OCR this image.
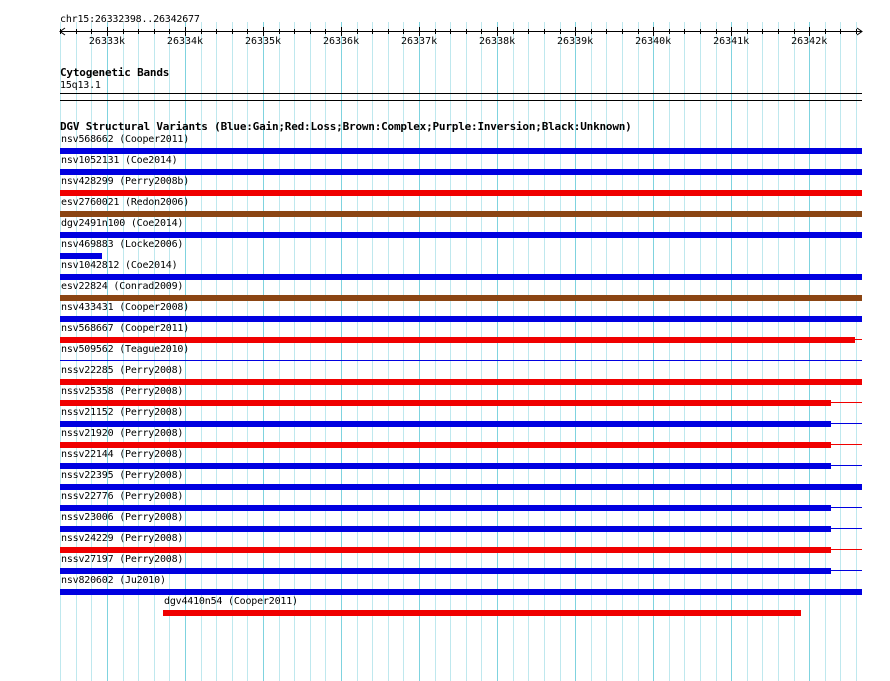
chr15:26332398..26342677
26333k	26334k	26335k	26336k	26337k	26338k	26339k	26340k	26341k	26342k
Cytogenetic Bands
15q13.1
DGV Structural Variants (Blue:Gain;Red:Loss;Brown:Complex;Purple:Inversion;Black:Unknown)
nsv568662 (Cooper2011)
nsv1052131 (Coe2014)
nsv428299 (Perry2008b)
esv2760021 (Redon2006)
dgv2491n100 (Coe2014)
nsv469883 (Locke2006)
nsv1042812 (Coe2014)
esv22824 (Conrad2009)
nsv433431 (Cooper2008)
nsv568667 (Cooper2011)
nsv509562 (Teague2010)
nssv22285 (Perry2008)
nssv25358 (Perry2008)
nssv21152 (Perry2008)
nssv21920 (Perry2008)
nssv22144 (Perry2008)
nssv22395 (Perry2008)
nssv22776 (Perry2008)
nssv23006 (Perry2008)
nssv24229 (Perry2008)
nssv27197 (Perry2008)
nsv820602 (Ju2010)
dgv4410n54 (Cooper2011)
